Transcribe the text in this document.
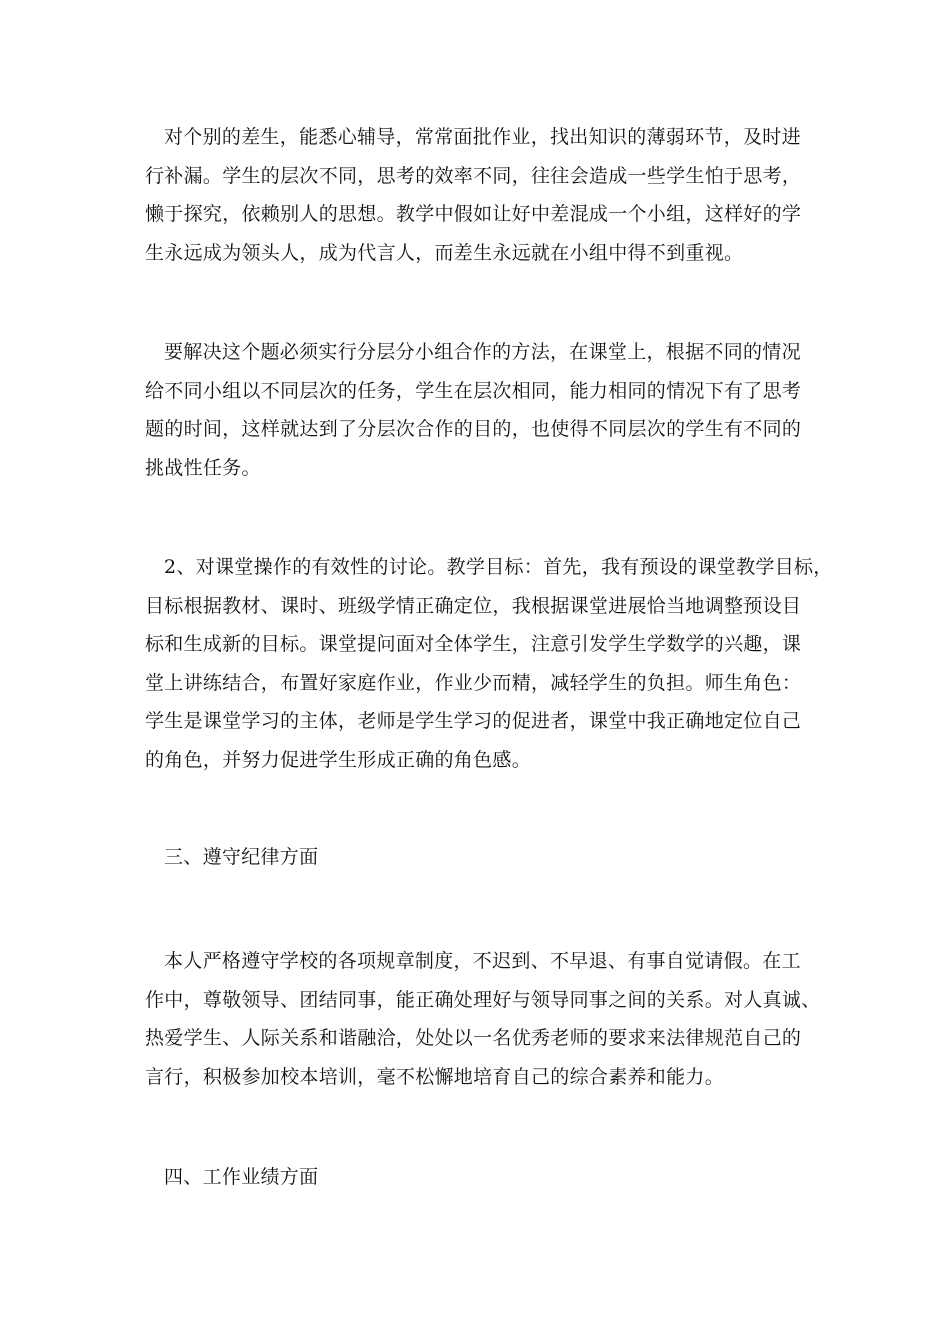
对个别的差生，能悉心辅导，常常面批作业，找出知识的薄弱环节，及时进
行补漏。学生的层次不同，思考的效率不同，往往会造成一些学生怕于思考，
懒于探究，依赖别人的思想。教学中假如让好中差混成一个小组，这样好的学
生永远成为领头人，成为代言人，而差生永远就在小组中得不到重视。
要解决这个题必须实行分层分小组合作的方法，在课堂上，根据不同的情况
给不同小组以不同层次的任务，学生在层次相同，能力相同的情况下有了思考
题的时间，这样就达到了分层次合作的目的，也使得不同层次的学生有不同的
挑战性任务。
2、对课堂操作的有效性的讨论。教学目标：首先，我有预设的课堂教学目标，
目标根据教材、课时、班级学情正确定位，我根据课堂进展恰当地调整预设目
标和生成新的目标。课堂提问面对全体学生，注意引发学生学数学的兴趣，课
堂上讲练结合，布置好家庭作业，作业少而精，减轻学生的负担。师生角色：
学生是课堂学习的主体，老师是学生学习的促进者，课堂中我正确地定位自己
的角色，并努力促进学生形成正确的角色感。
三、遵守纪律方面
本人严格遵守学校的各项规章制度，不迟到、不早退、有事自觉请假。在工
作中，尊敬领导、团结同事，能正确处理好与领导同事之间的关系。对人真诚、
热爱学生、人际关系和谐融洽，处处以一名优秀老师的要求来法律规范自己的
言行，积极参加校本培训，毫不松懈地培育自己的综合素养和能力。
四、工作业绩方面
